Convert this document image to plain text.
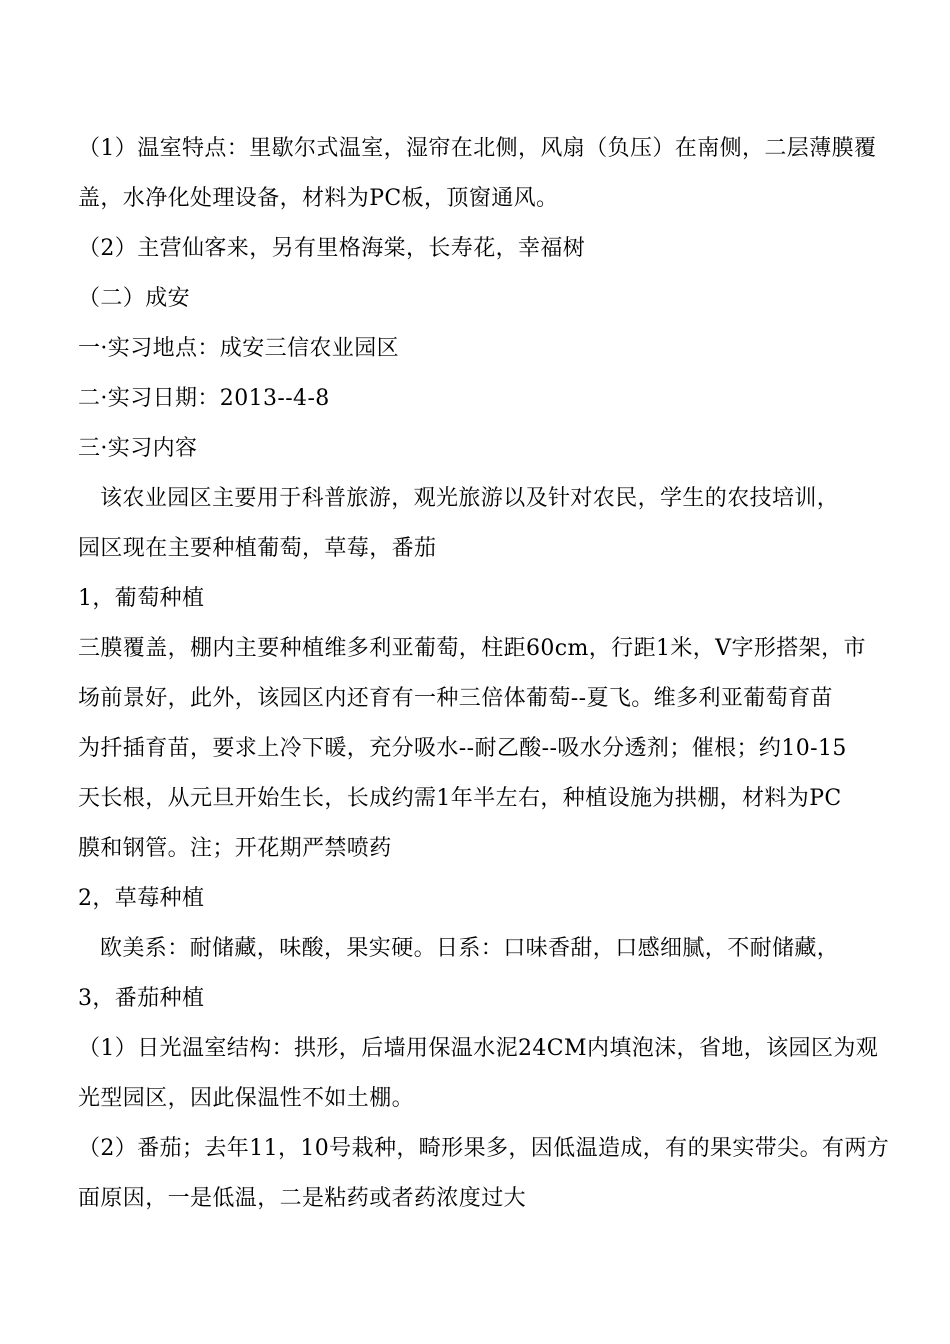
（1）温室特点：里歇尔式温室，湿帘在北侧，风扇（负压）在南侧，二层薄膜覆
盖，水净化处理设备，材料为PC板，顶窗通风。
（2）主营仙客来，另有里格海棠，长寿花，幸福树
（二）成安
一·实习地点：成安三信农业园区
二·实习日期：2013--4-8
三·实习内容
该农业园区主要用于科普旅游，观光旅游以及针对农民，学生的农技培训，
园区现在主要种植葡萄，草莓，番茄
1，葡萄种植
三膜覆盖，棚内主要种植维多利亚葡萄，柱距60cm，行距1米，V字形搭架，市
场前景好，此外，该园区内还育有一种三倍体葡萄--夏飞。维多利亚葡萄育苗
为扦插育苗，要求上冷下暖，充分吸水--耐乙酸--吸水分透剂；催根；约10-15
天长根，从元旦开始生长，长成约需1年半左右，种植设施为拱棚，材料为PC
膜和钢管。注；开花期严禁喷药
2，草莓种植
欧美系：耐储藏，味酸，果实硬。日系：口味香甜，口感细腻，不耐储藏，
3，番茄种植
（1）日光温室结构：拱形，后墙用保温水泥24CM内填泡沫，省地，该园区为观
光型园区，因此保温性不如土棚。
（2）番茄；去年11，10号栽种，畸形果多，因低温造成，有的果实带尖。有两方
面原因，一是低温，二是粘药或者药浓度过大
